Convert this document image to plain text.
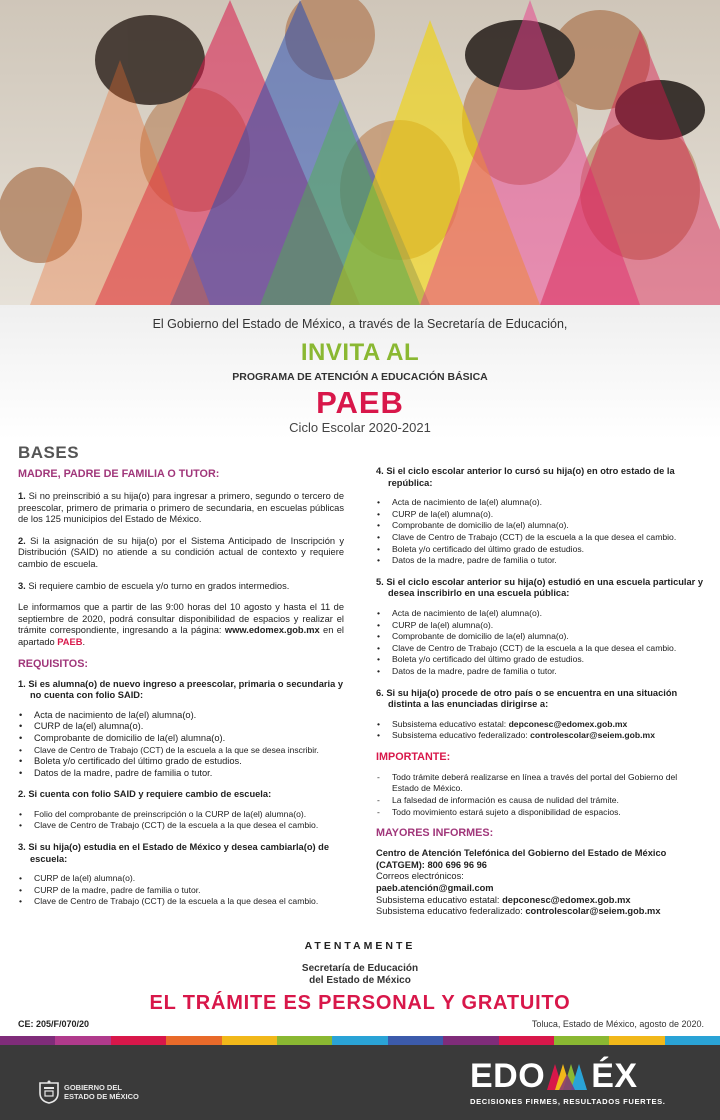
El Gobierno del Estado de México, a través de la Secretaría de Educación,
INVITA AL
PROGRAMA DE ATENCIÓN A EDUCACIÓN BÁSICA
PAEB
Ciclo Escolar 2020-2021
BASES
MADRE, PADRE DE FAMILIA O TUTOR:
1. Si no preinscribió a su hija(o) para ingresar a primero, segundo o tercero de preescolar, primero de primaria o primero de secundaria, en escuelas públicas de los 125 municipios del Estado de México.
2. Si la asignación de su hija(o) por el Sistema Anticipado de Inscripción y Distribución (SAID) no atiende a su condición actual de contexto y requiere cambio de escuela.
3. Si requiere cambio de escuela y/o turno en grados intermedios.
Le informamos que a partir de las 9:00 horas del 10 agosto y hasta el 11 de septiembre de 2020, podrá consultar disponibilidad de espacios y realizar el trámite correspondiente, ingresando a la página: www.edomex.gob.mx en el apartado PAEB.
REQUISITOS:
1. Si es alumna(o) de nuevo ingreso a preescolar, primaria o secundaria y no cuenta con folio SAID:
• Acta de nacimiento de la(el) alumna(o).
• CURP de la(el) alumna(o).
• Comprobante de domicilio de la(el) alumna(o).
• Clave de Centro de Trabajo (CCT) de la escuela a la que se desea inscribir.
• Boleta y/o certificado del último grado de estudios.
• Datos de la madre, padre de familia o tutor.
2. Si cuenta con folio SAID y requiere cambio de escuela:
• Folio del comprobante de preinscripción o la CURP de la(el) alumna(o).
• Clave de Centro de Trabajo (CCT) de la escuela a la que desea el cambio.
3. Si su hija(o) estudia en el Estado de México y desea cambiarla(o) de escuela:
• CURP de la(el) alumna(o).
• CURP de la madre, padre de familia o tutor.
• Clave de Centro de Trabajo (CCT) de la escuela a la que desea el cambio.
4. Si el ciclo escolar anterior lo cursó su hija(o) en otro estado de la república:
• Acta de nacimiento de la(el) alumna(o).
• CURP de la(el) alumna(o).
• Comprobante de domicilio de la(el) alumna(o).
• Clave de Centro de Trabajo (CCT) de la escuela a la que desea el cambio.
• Boleta y/o certificado del último grado de estudios.
• Datos de la madre, padre de familia o tutor.
5. Si el ciclo escolar anterior su hija(o) estudió en una escuela particular y desea inscribirlo en una escuela pública:
• Acta de nacimiento de la(el) alumna(o).
• CURP de la(el) alumna(o).
• Comprobante de domicilio de la(el) alumna(o).
• Clave de Centro de Trabajo (CCT) de la escuela a la que desea el cambio.
• Boleta y/o certificado del último grado de estudios.
• Datos de la madre, padre de familia o tutor.
6. Si su hija(o) procede de otro país o se encuentra en una situación distinta a las enunciadas dirigirse a:
• Subsistema educativo estatal: depconesc@edomex.gob.mx
• Subsistema educativo federalizado: controlescolar@seiem.gob.mx
IMPORTANTE:
- Todo trámite deberá realizarse en línea a través del portal del Gobierno del Estado de México.
- La falsedad de información es causa de nulidad del trámite.
- Todo movimiento estará sujeto a disponibilidad de espacios.
MAYORES INFORMES:
Centro de Atención Telefónica del Gobierno del Estado de México (CATGEM): 800 696 96 96
Correos electrónicos:
paeb.atención@gmail.com
Subsistema educativo estatal: depconesc@edomex.gob.mx
Subsistema educativo federalizado: controlescolar@seiem.gob.mx
ATENTAMENTE
Secretaría de Educación
del Estado de México
EL TRÁMITE ES PERSONAL Y GRATUITO
CE: 205/F/070/20	Toluca, Estado de México, agosto de 2020.
GOBIERNO DEL
ESTADO DE MÉXICO
EDO ÉX
DECISIONES FIRMES, RESULTADOS FUERTES.
